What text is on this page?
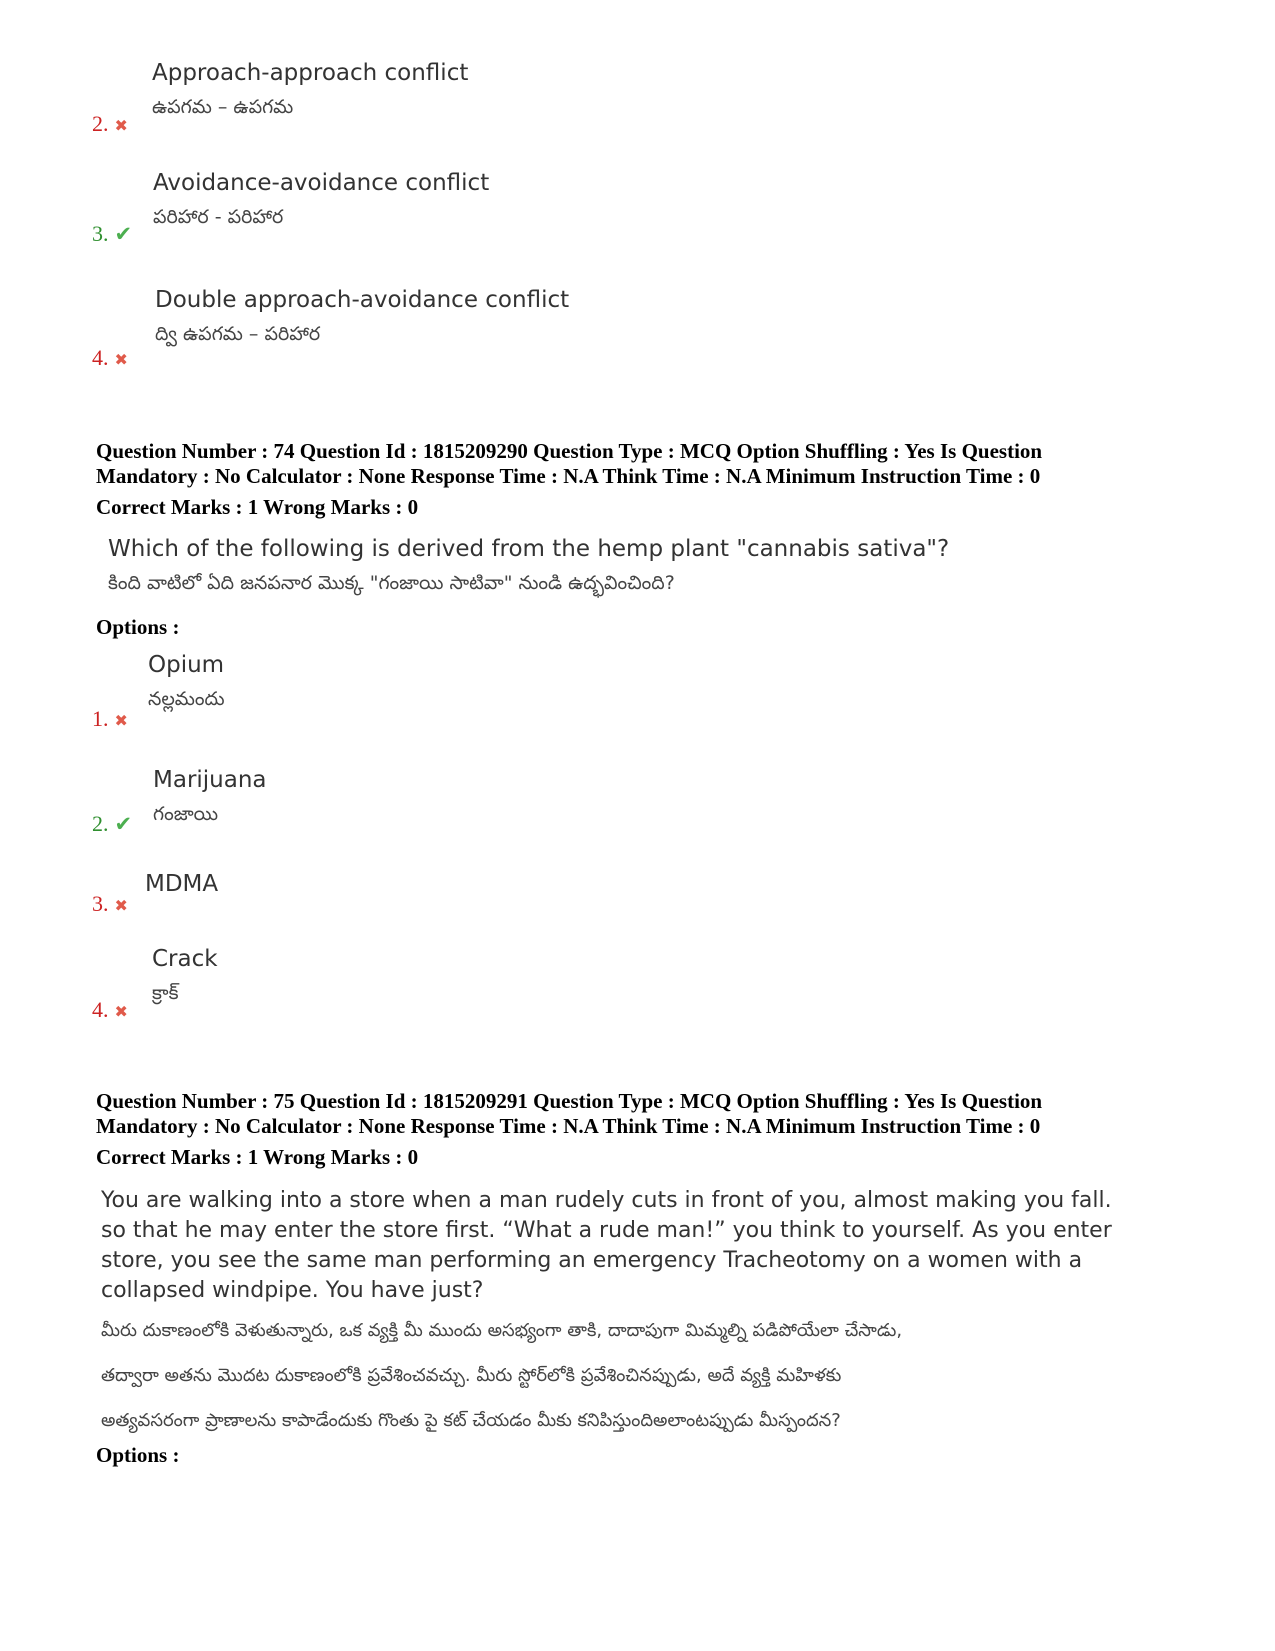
Approach-approach conflict
ఉపగమ – ఉపగమ
2. ✖
Avoidance-avoidance conflict
పరిహార - పరిహార
3. ✔
Double approach-avoidance conflict
ద్వి ఉపగమ – పరిహార
4. ✖
Question Number : 74 Question Id : 1815209290 Question Type : MCQ Option Shuffling : Yes Is Question
Mandatory : No Calculator : None Response Time : N.A Think Time : N.A Minimum Instruction Time : 0
Correct Marks : 1 Wrong Marks : 0
Which of the following is derived from the hemp plant "cannabis sativa"?
కింది వాటిలో ఏది జనపనార మొక్క "గంజాయి సాటివా" నుండి ఉద్భవించింది?
Options :
Opium
నల్లమందు
1. ✖
Marijuana
గంజాయి
2. ✔
MDMA
3. ✖
Crack
క్రాక్
4. ✖
Question Number : 75 Question Id : 1815209291 Question Type : MCQ Option Shuffling : Yes Is Question
Mandatory : No Calculator : None Response Time : N.A Think Time : N.A Minimum Instruction Time : 0
Correct Marks : 1 Wrong Marks : 0
You are walking into a store when a man rudely cuts in front of you, almost making you fall.
so that he may enter the store first. “What a rude man!” you think to yourself. As you enter
store, you see the same man performing an emergency Tracheotomy on a women with a
collapsed windpipe. You have just?
మీరు దుకాణంలోకి వెళుతున్నారు, ఒక వ్యక్తి మీ ముందు అసభ్యంగా తాకి, దాదాపుగా మిమ్మల్ని పడిపోయేలా చేసాడు,
తద్వారా అతను మొదట దుకాణంలోకి ప్రవేశించవచ్చు. మీరు స్టోర్‌లోకి ప్రవేశించినప్పుడు, అదే వ్యక్తి మహిళకు
అత్యవసరంగా ప్రాణాలను కాపాడేందుకు గొంతు పై కట్ చేయడం మీకు కనిపిస్తుందిఅలాంటప్పుడు మీస్పందన?
Options :
